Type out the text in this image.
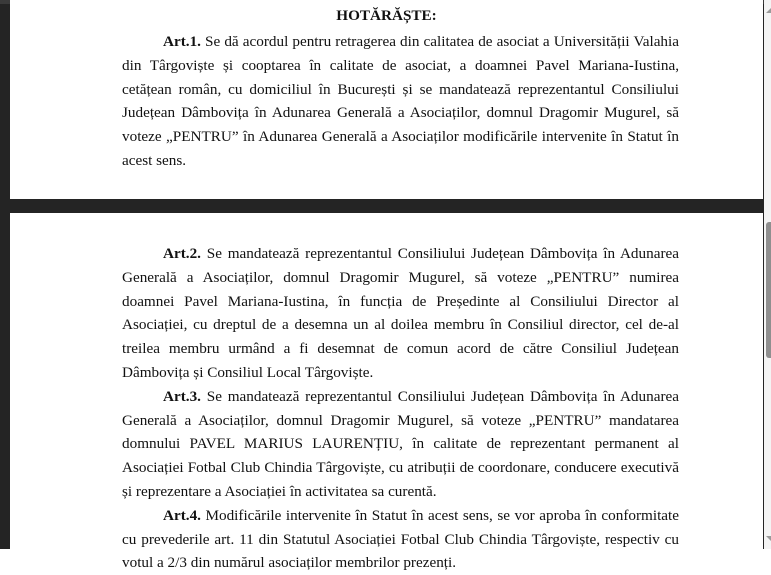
HOTĂRĂȘTE:

Art.1. Se dă acordul pentru retragerea din calitatea de asociat a Universității Valahia din Târgoviște și cooptarea în calitate de asociat, a doamnei Pavel Mariana-Iustina, cetățean român, cu domiciliul în București și se mandatează reprezentantul Consiliului Județean Dâmbovița în Adunarea Generală a Asociaților, domnul Dragomir Mugurel, să voteze „PENTRU” în Adunarea Generală a Asociaților modificările intervenite în Statut în acest sens.

Art.2. Se mandatează reprezentantul Consiliului Județean Dâmbovița în Adunarea Generală a Asociaților, domnul Dragomir Mugurel, să voteze „PENTRU” numirea doamnei Pavel Mariana-Iustina, în funcția de Președinte al Consiliului Director al Asociației, cu dreptul de a desemna un al doilea membru în Consiliul director, cel de-al treilea membru urmând a fi desemnat de comun acord de către Consiliul Județean Dâmbovița și Consiliul Local Târgoviște.

Art.3. Se mandatează reprezentantul Consiliului Județean Dâmbovița în Adunarea Generală a Asociaților, domnul Dragomir Mugurel, să voteze „PENTRU” mandatarea domnului PAVEL MARIUS LAURENȚIU, în calitate de reprezentant permanent al Asociației Fotbal Club Chindia Târgoviște, cu atribuții de coordonare, conducere executivă și reprezentare a Asociației în activitatea sa curentă.

Art.4. Modificările intervenite în Statut în acest sens, se vor aproba în conformitate cu prevederile art. 11 din Statutul Asociației Fotbal Club Chindia Târgoviște, respectiv cu votul a 2/3 din numărul asociaților membrilor prezenți.
